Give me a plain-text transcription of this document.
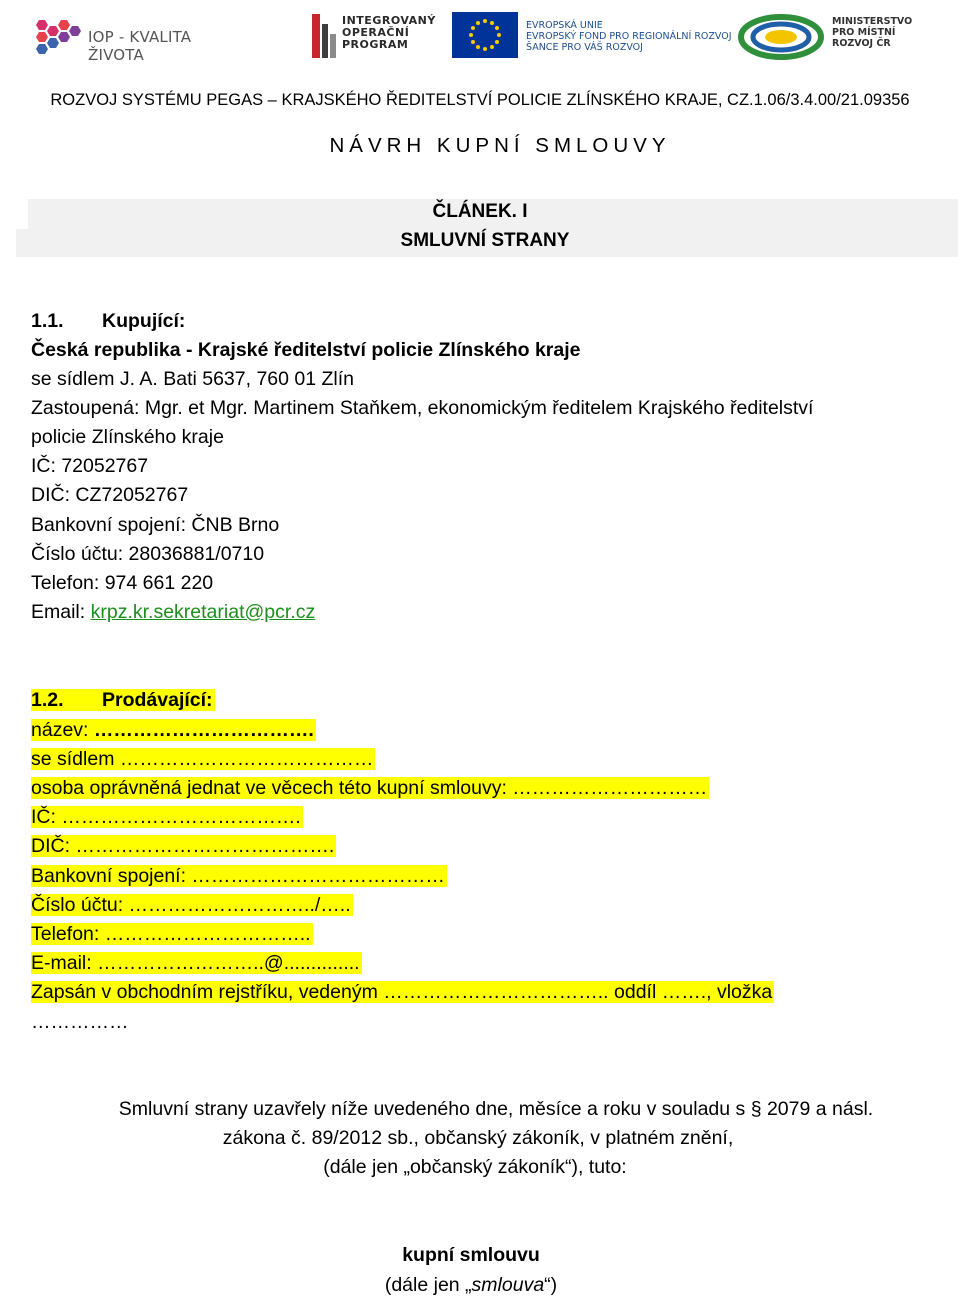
IOP - KVALITA ŽIVOTA
INTEGROVANÝ
OPERAČNÍ
PROGRAM
EVROPSKÁ UNIE
EVROPSKÝ FOND PRO REGIONÁLNÍ ROZVOJ
ŠANCE PRO VÁŠ ROZVOJ
MINISTERSTVO
PRO MÍSTNÍ
ROZVOJ ČR
ROZVOJ SYSTÉMU PEGAS – KRAJSKÉHO ŘEDITELSTVÍ POLICIE ZLÍNSKÉHO KRAJE, CZ.1.06/3.4.00/21.09356
NÁVRH KUPNÍ SMLOUVY
ČLÁNEK. I
SMLUVNÍ STRANY
1.1. Kupující:
Česká republika - Krajské ředitelství policie Zlínského kraje
se sídlem J. A. Bati 5637, 760 01 Zlín
Zastoupená: Mgr. et Mgr. Martinem Staňkem, ekonomickým ředitelem Krajského ředitelství
policie Zlínského kraje
IČ: 72052767
DIČ: CZ72052767
Bankovní spojení: ČNB Brno
Číslo účtu: 28036881/0710
Telefon: 974 661 220
Email: krpz.kr.sekretariat@pcr.cz
1.2. Prodávající:
název: …………………………….
se sídlem …………………………………
osoba oprávněná jednat ve věcech této kupní smlouvy: …………………………
IČ: ……………………………….
DIČ: ………………………………….
Bankovní spojení: …………………………………
Číslo účtu: ………………………../…..
Telefon: …………………………..
E-mail: ……………………..@..............
Zapsán v obchodním rejstříku, vedeným …………………………….. oddíl ……., vložka
……………
Smluvní strany uzavřely níže uvedeného dne, měsíce a roku v souladu s § 2079 a násl.
zákona č. 89/2012 sb., občanský zákoník, v platném znění,
(dále jen „občanský zákoník“), tuto:
kupní smlouvu
(dále jen „smlouva“)
